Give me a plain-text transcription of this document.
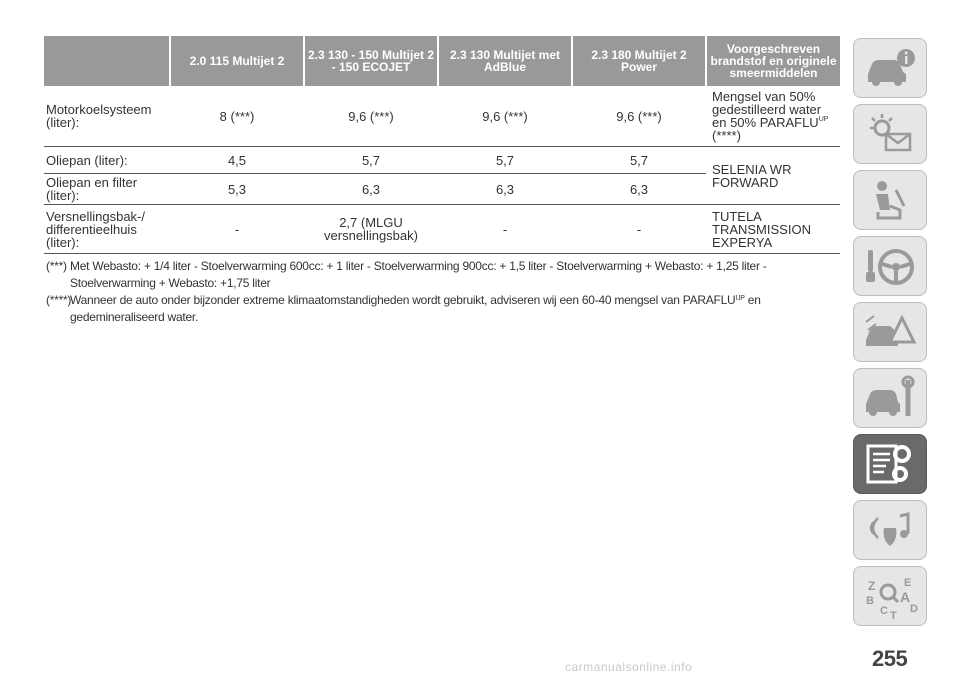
	2.0 115 Multijet 2	2.3 130 - 150 Multijet 2 - 150 ECOJET	2.3 130 Multijet met AdBlue	2.3 180 Multijet 2 Power	Voorgeschreven brandstof en originele smeermiddelen
Motorkoelsysteem (liter):	8 (***)	9,6 (***)	9,6 (***)	9,6 (***)	Mengsel van 50% gedestilleerd water en 50% $PARAFLU^{UP}$
(****)
Oliepan (liter):	4,5	5,7	5,7	5,7	SELENIA WR FORWARD
Oliepan en filter (liter):	5,3	6,3	6,3	6,3	
Versnellingsbak-/ differentieelhuis (liter):	-	2,7 (MLGU versnellingsbak)	-	-	TUTELA TRANSMISSION EXPERYA
(***) Met Webasto: + 1/4 liter - Stoelverwarming 600cc: + 1 liter - Stoelverwarming 900cc: + 1,5 liter - Stoelverwarming + Webasto: + 1,25 liter - Stoelverwarming + Webasto: +1,75 liter
(****)
Wanneer de auto onder bijzonder extreme klimaatomstandigheden wordt gebruikt, adviseren wij een 60-40 mengsel van $PARAFLU^{UP}$ en gedemineraliseerd water.
Z	E
B A
C D
T
255
carmanualsonline.info
